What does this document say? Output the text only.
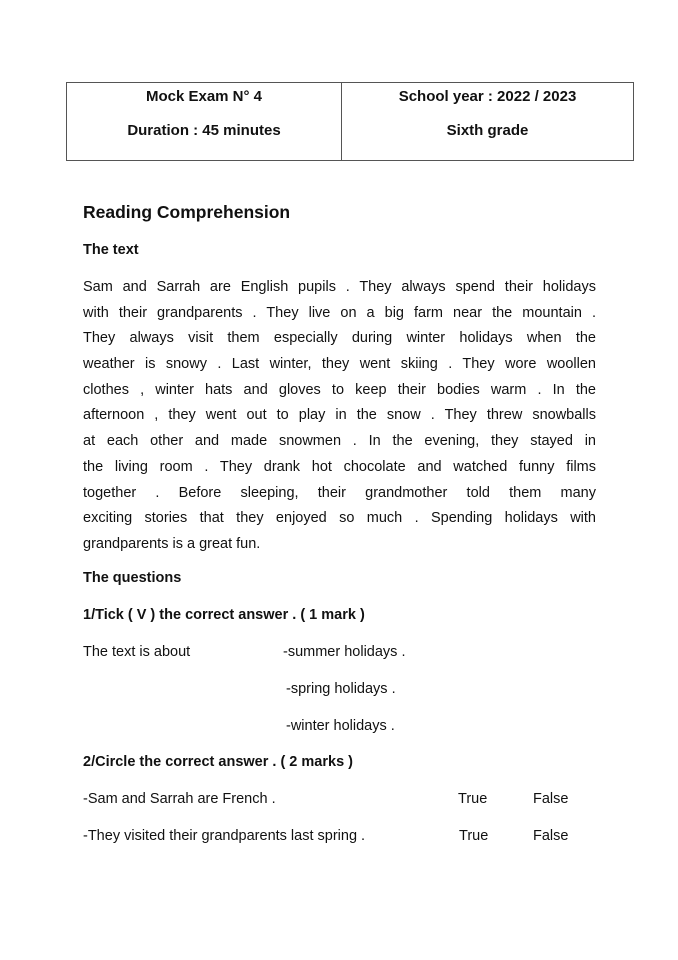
Mock Exam N° 4
Duration : 45 minutes
School year : 2022 / 2023
Sixth grade
Reading Comprehension
The text
Sam and Sarrah are English pupils . They always spend their holidays
with their grandparents . They live on a big farm near the mountain .
They always visit them especially during winter holidays when the
weather is snowy . Last winter, they went skiing . They wore woollen
clothes , winter hats and gloves to keep their bodies warm . In the
afternoon , they went out to play in the snow . They threw snowballs
at each other and made snowmen . In the evening, they stayed in
the living room . They drank hot chocolate and watched funny films
together . Before sleeping, their grandmother told them many
exciting stories that they enjoyed so much . Spending holidays with
grandparents is a great fun.
The questions
1/Tick ( V ) the correct answer . ( 1 mark )
The text is about	-summer holidays .
-spring holidays .
-winter holidays .
2/Circle the correct answer . ( 2 marks )
-Sam and Sarrah are French .	True	False
-They visited their grandparents last spring .	True	False
